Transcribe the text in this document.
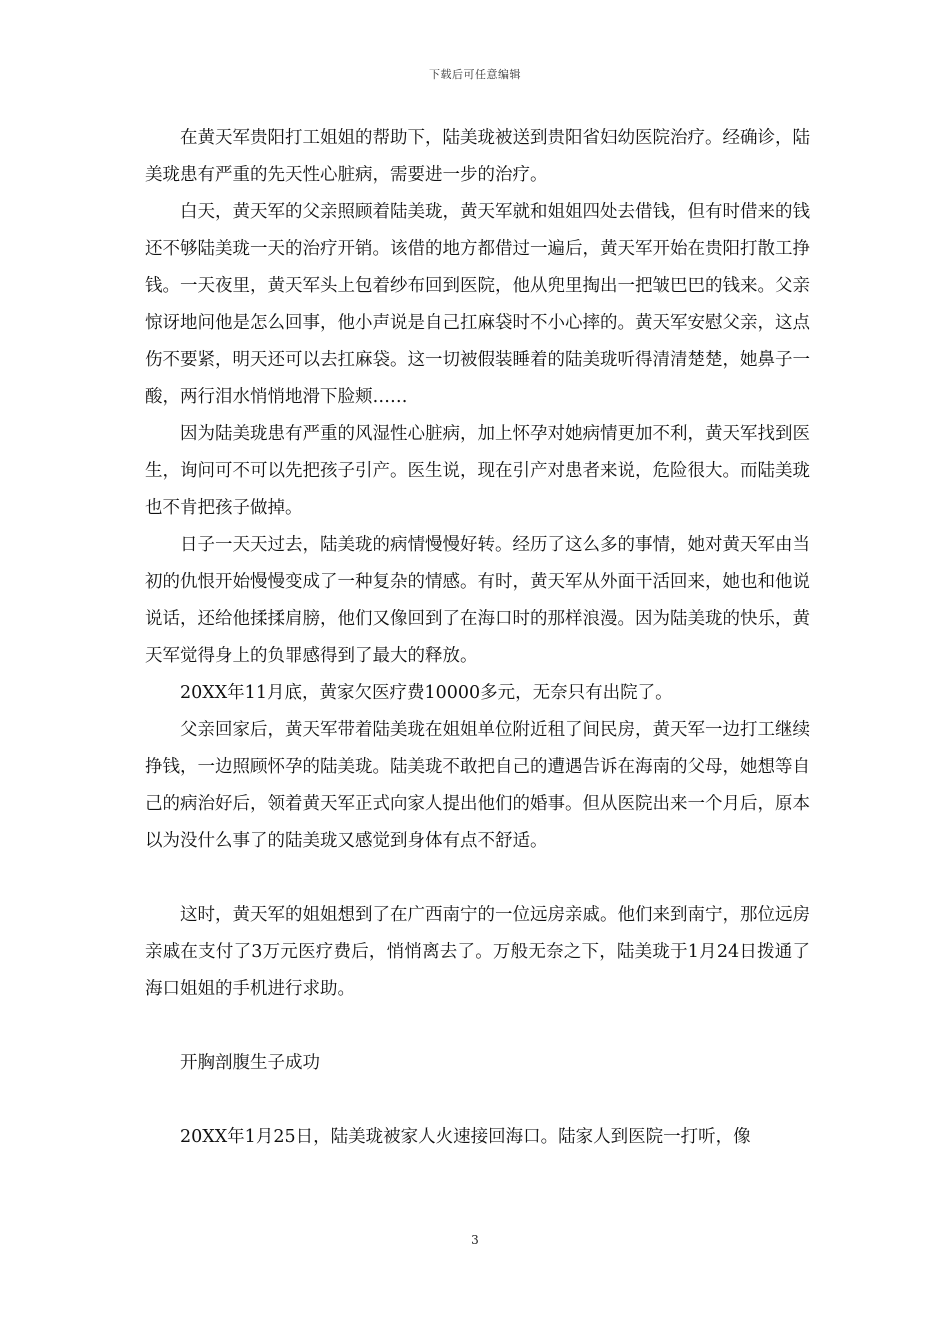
下载后可任意编辑

在黄天军贵阳打工姐姐的帮助下，陆美珑被送到贵阳省妇幼医院治疗。经确诊，陆美珑患有严重的先天性心脏病，需要进一步的治疗。

白天，黄天军的父亲照顾着陆美珑，黄天军就和姐姐四处去借钱，但有时借来的钱还不够陆美珑一天的治疗开销。该借的地方都借过一遍后，黄天军开始在贵阳打散工挣钱。一天夜里，黄天军头上包着纱布回到医院，他从兜里掏出一把皱巴巴的钱来。父亲惊讶地问他是怎么回事，他小声说是自己扛麻袋时不小心摔的。黄天军安慰父亲，这点伤不要紧，明天还可以去扛麻袋。这一切被假装睡着的陆美珑听得清清楚楚，她鼻子一酸，两行泪水悄悄地滑下脸颊……

因为陆美珑患有严重的风湿性心脏病，加上怀孕对她病情更加不利，黄天军找到医生，询问可不可以先把孩子引产。医生说，现在引产对患者来说，危险很大。而陆美珑也不肯把孩子做掉。

日子一天天过去，陆美珑的病情慢慢好转。经历了这么多的事情，她对黄天军由当初的仇恨开始慢慢变成了一种复杂的情感。有时，黄天军从外面干活回来，她也和他说说话，还给他揉揉肩膀，他们又像回到了在海口时的那样浪漫。因为陆美珑的快乐，黄天军觉得身上的负罪感得到了最大的释放。

20XX年11月底，黄家欠医疗费10000多元，无奈只有出院了。

父亲回家后，黄天军带着陆美珑在姐姐单位附近租了间民房，黄天军一边打工继续挣钱，一边照顾怀孕的陆美珑。陆美珑不敢把自己的遭遇告诉在海南的父母，她想等自己的病治好后，领着黄天军正式向家人提出他们的婚事。但从医院出来一个月后，原本以为没什么事了的陆美珑又感觉到身体有点不舒适。

这时，黄天军的姐姐想到了在广西南宁的一位远房亲戚。他们来到南宁，那位远房亲戚在支付了3万元医疗费后，悄悄离去了。万般无奈之下，陆美珑于1月24日拨通了海口姐姐的手机进行求助。

开胸剖腹生子成功

20XX年1月25日，陆美珑被家人火速接回海口。陆家人到医院一打听，像

3
